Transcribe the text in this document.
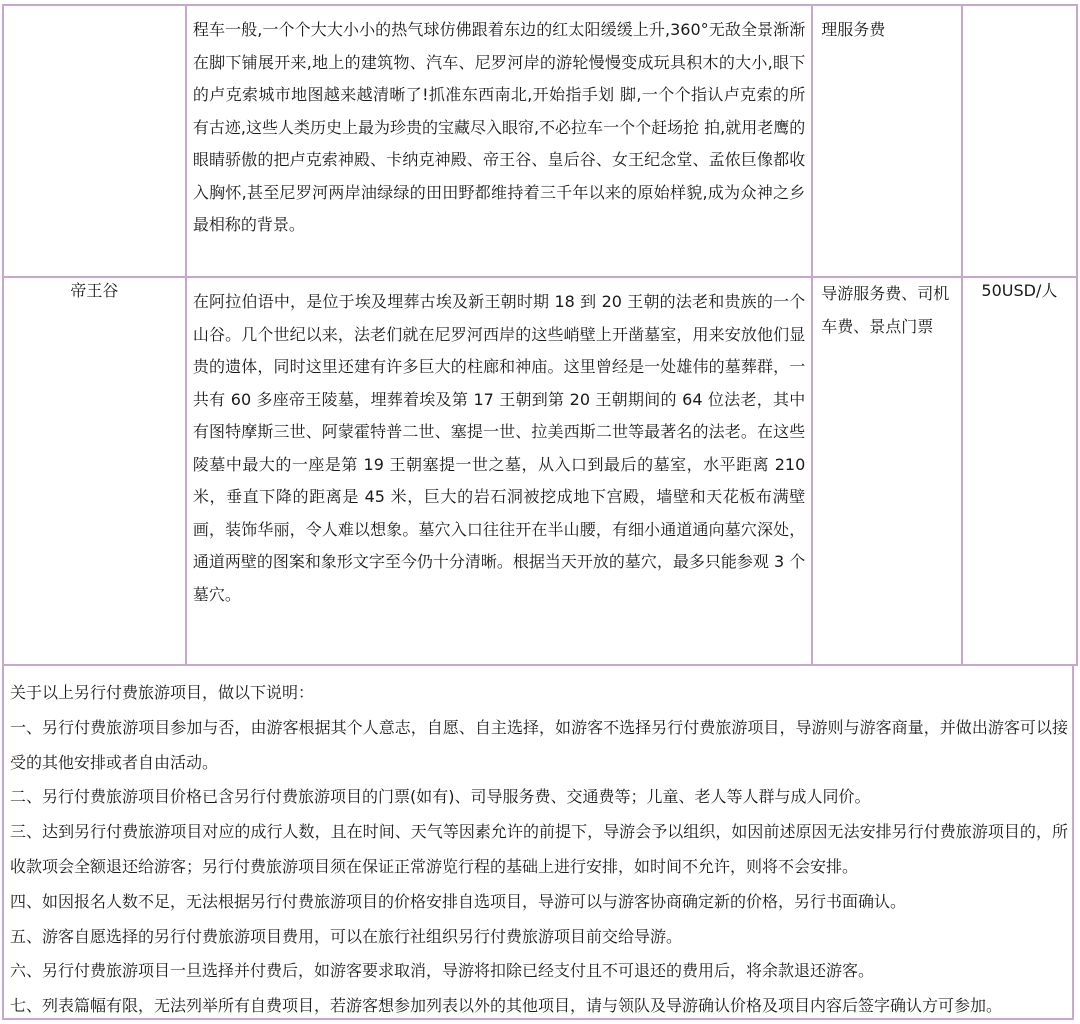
	程车一般,一个个大大小小的热气球仿佛跟着东边的红太阳缓缓上升,360°无敌全景渐渐在脚下铺展开来,地上的建筑物、汽车、尼罗河岸的游轮慢慢变成玩具积木的大小,眼下的卢克索城市地图越来越清晰了!抓准东西南北,开始指手划 脚,一个个指认卢克索的所有古迹,这些人类历史上最为珍贵的宝藏尽入眼帘,不必拉车一个个赶场抢 拍,就用老鹰的眼睛骄傲的把卢克索神殿、卡纳克神殿、帝王谷、皇后谷、女王纪念堂、孟侬巨像都收入胸怀,甚至尼罗河两岸油绿绿的田田野都维持着三千年以来的原始样貌,成为众神之乡最相称的背景。	理服务费	

帝王谷	在阿拉伯语中，是位于埃及埋葬古埃及新王朝时期 18 到 20 王朝的法老和贵族的一个山谷。几个世纪以来，法老们就在尼罗河西岸的这些峭壁上开凿墓室，用来安放他们显贵的遗体，同时这里还建有许多巨大的柱廊和神庙。这里曾经是一处雄伟的墓葬群，一共有 60 多座帝王陵墓，埋葬着埃及第 17 王朝到第 20 王朝期间的 64 位法老，其中有图特摩斯三世、阿蒙霍特普二世、塞提一世、拉美西斯二世等最著名的法老。在这些陵墓中最大的一座是第 19 王朝塞提一世之墓，从入口到最后的墓室，水平距离 210 米，垂直下降的距离是 45 米，巨大的岩石洞被挖成地下宫殿，墙壁和天花板布满壁画，装饰华丽，令人难以想象。墓穴入口往往开在半山腰，有细小通道通向墓穴深处，通道两壁的图案和象形文字至今仍十分清晰。根据当天开放的墓穴，最多只能参观 3 个墓穴。	导游服务费、司机车费、景点门票	50USD/人

关于以上另行付费旅游项目，做以下说明：

一、另行付费旅游项目参加与否，由游客根据其个人意志，自愿、自主选择，如游客不选择另行付费旅游项目，导游则与游客商量，并做出游客可以接受的其他安排或者自由活动。

二、另行付费旅游项目价格已含另行付费旅游项目的门票(如有)、司导服务费、交通费等；儿童、老人等人群与成人同价。

三、达到另行付费旅游项目对应的成行人数，且在时间、天气等因素允许的前提下，导游会予以组织，如因前述原因无法安排另行付费旅游项目的，所收款项会全额退还给游客；另行付费旅游项目须在保证正常游览行程的基础上进行安排，如时间不允许，则将不会安排。

四、如因报名人数不足，无法根据另行付费旅游项目的价格安排自选项目，导游可以与游客协商确定新的价格，另行书面确认。

五、游客自愿选择的另行付费旅游项目费用，可以在旅行社组织另行付费旅游项目前交给导游。

六、另行付费旅游项目一旦选择并付费后，如游客要求取消，导游将扣除已经支付且不可退还的费用后，将余款退还游客。

七、列表篇幅有限，无法列举所有自费项目，若游客想参加列表以外的其他项目，请与领队及导游确认价格及项目内容后签字确认方可参加。
